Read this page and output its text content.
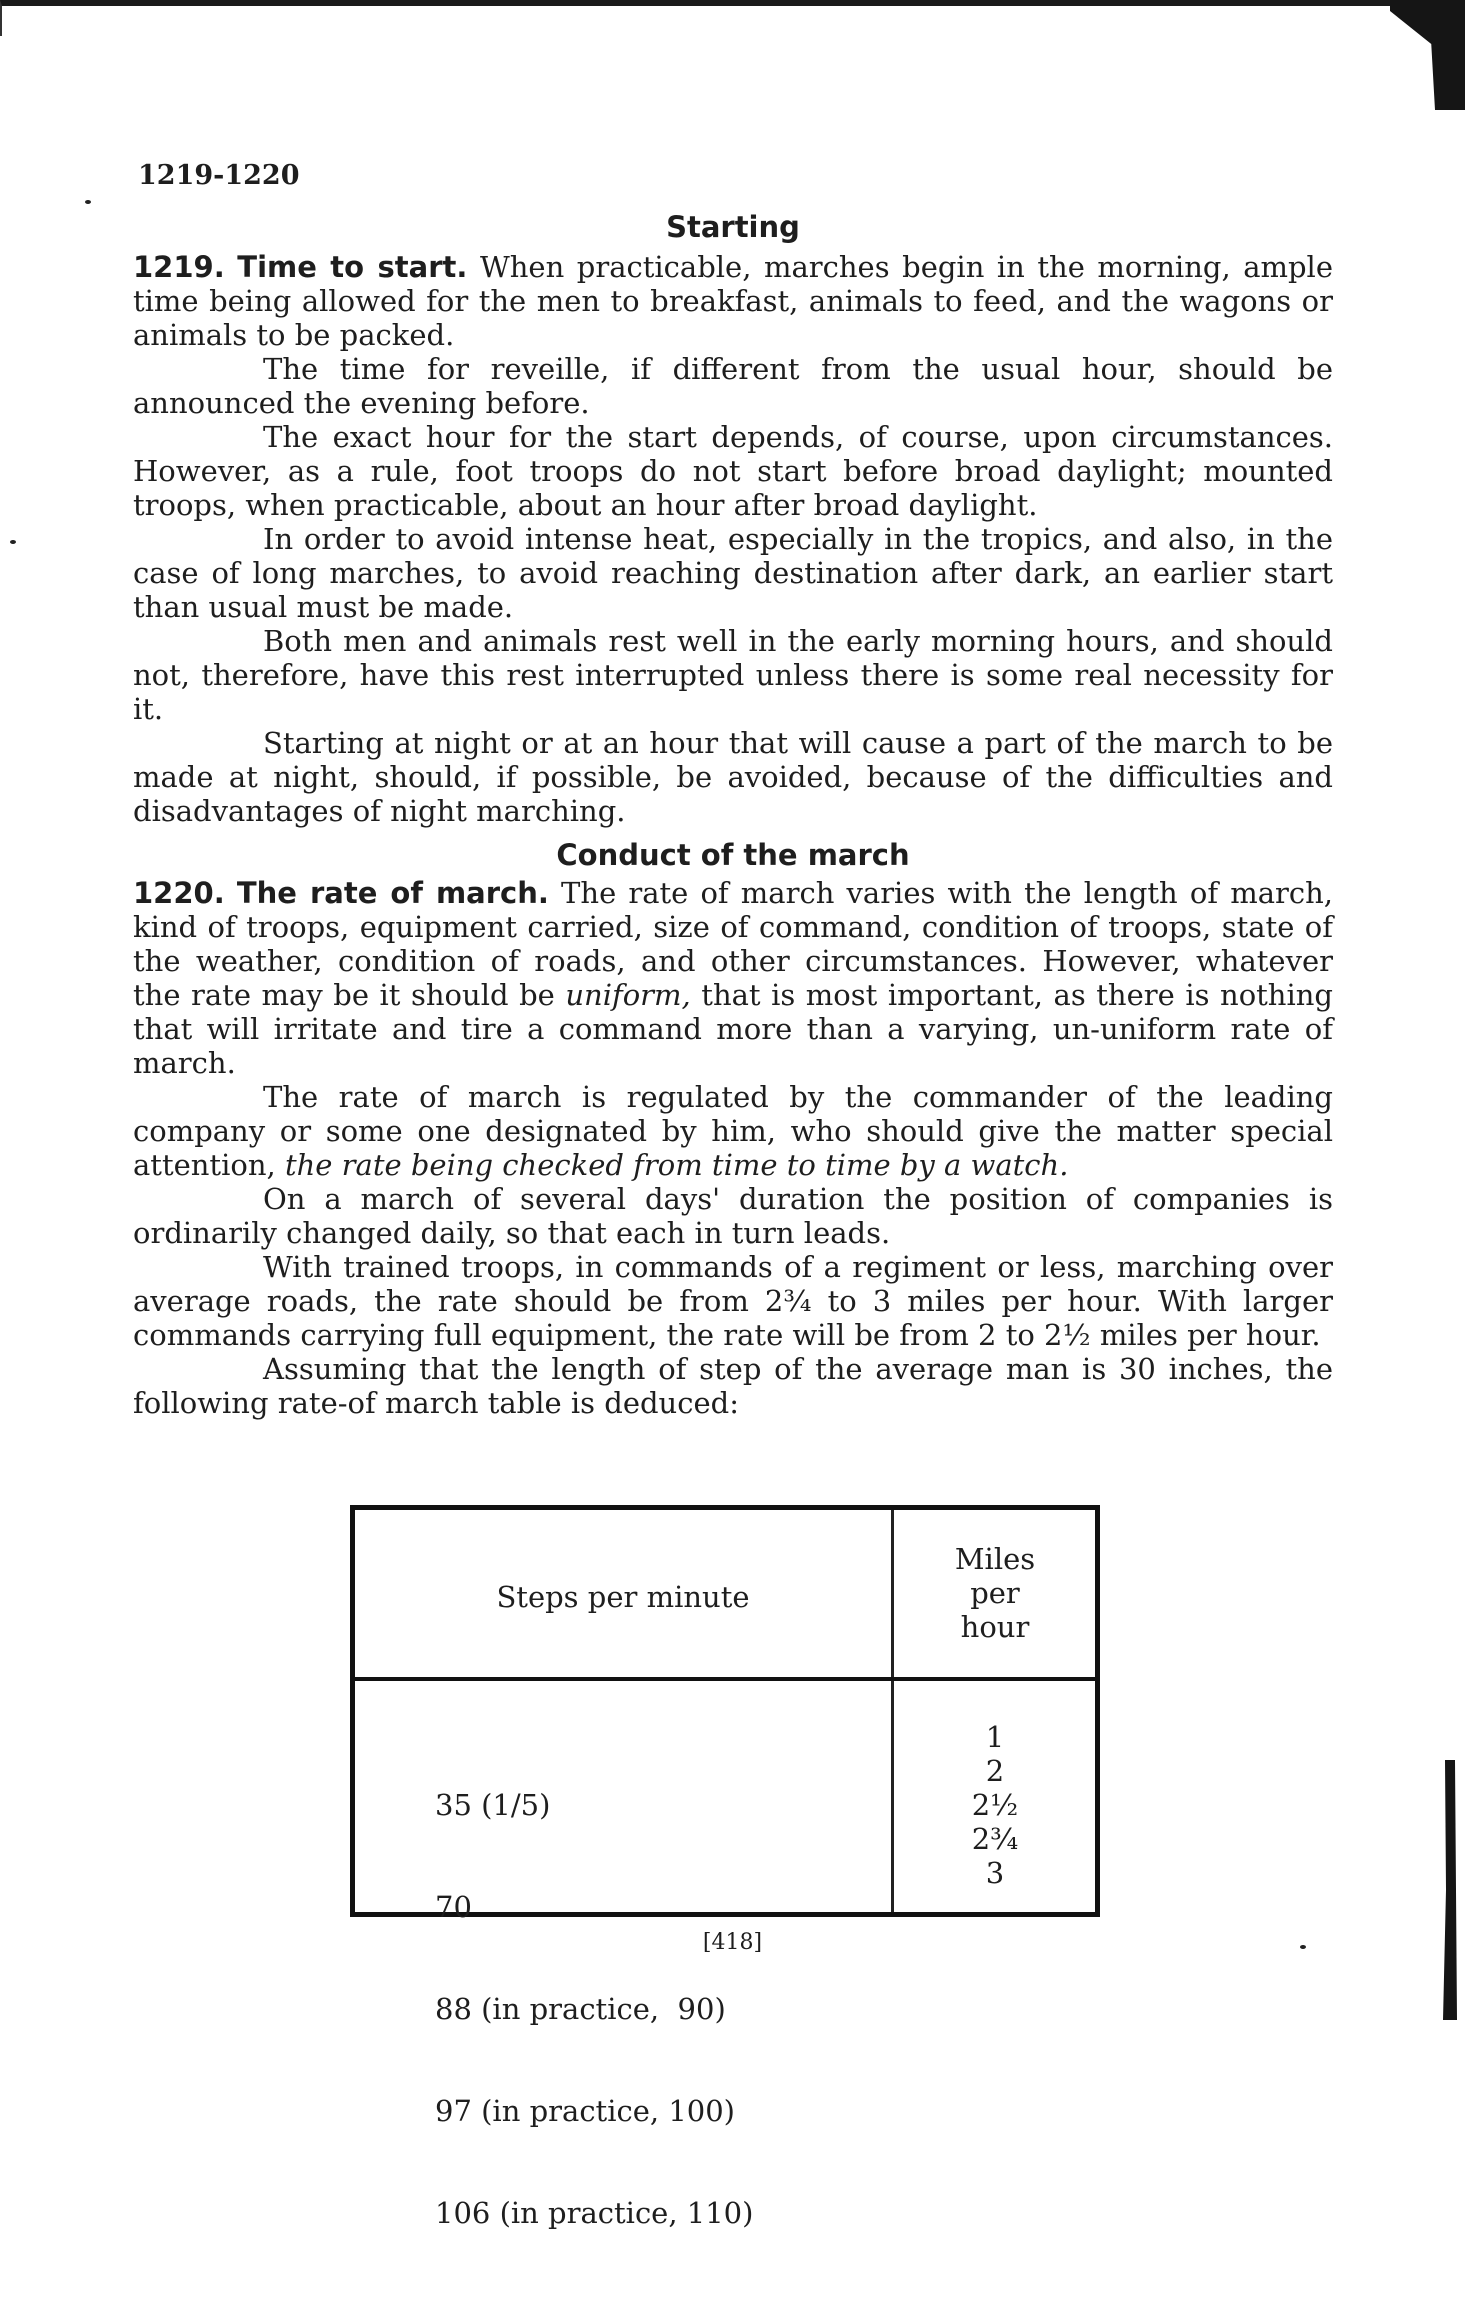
1219-1220

Starting

1219. Time to start. When practicable, marches begin in the morning, ample time being allowed for the men to breakfast, animals to feed, and the wagons or animals to be packed.

The time for reveille, if different from the usual hour, should be announced the evening before.

The exact hour for the start depends, of course, upon circumstances. However, as a rule, foot troops do not start before broad daylight; mounted troops, when practicable, about an hour after broad daylight.

In order to avoid intense heat, especially in the tropics, and also, in the case of long marches, to avoid reaching destination after dark, an earlier start than usual must be made.

Both men and animals rest well in the early morning hours, and should not, therefore, have this rest interrupted unless there is some real necessity for it.

Starting at night or at an hour that will cause a part of the march to be made at night, should, if possible, be avoided, because of the difficulties and disadvantages of night marching.

Conduct of the march

1220. The rate of march. The rate of march varies with the length of march, kind of troops, equipment carried, size of command, condition of troops, state of the weather, condition of roads, and other circumstances. However, whatever the rate may be it should be uniform, that is most important, as there is nothing that will irritate and tire a command more than a varying, un-uniform rate of march.

The rate of march is regulated by the commander of the leading company or some one designated by him, who should give the matter special attention, the rate being checked from time to time by a watch.

On a march of several days' duration the position of companies is ordinarily changed daily, so that each in turn leads.

With trained troops, in commands of a regiment or less, marching over average roads, the rate should be from 2¾ to 3 miles per hour. With larger commands carrying full equipment, the rate will be from 2 to 2½ miles per hour.

Assuming that the length of step of the average man is 30 inches, the following rate-of march table is deduced:

Steps per minute
Miles
per
hour

35 (1/5)

70

88 (in practice,  90)

97 (in practice, 100)

106 (in practice, 110)

1
2
2½
2¾
3
[418]
